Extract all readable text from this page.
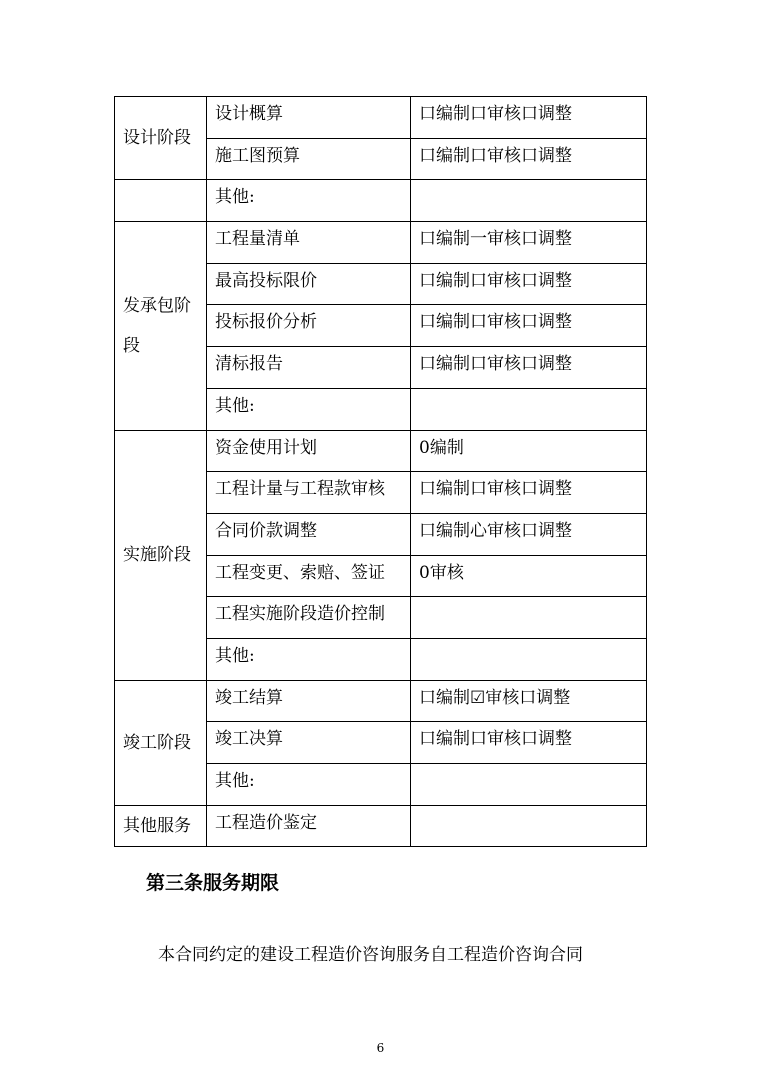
设计阶段	设计概算	口编制口审核口调整
	施工图预算	口编制口审核口调整
	其他:	

发承包阶段	工程量清单	口编制一审核口调整
	最高投标限价	口编制口审核口调整
	投标报价分析	口编制口审核口调整
	清标报告	口编制口审核口调整
	其他:	

实施阶段	资金使用计划	0编制
	工程计量与工程款审核	口编制口审核口调整
	合同价款调整	口编制心审核口调整
	工程变更、索赔、签证	0审核
	工程实施阶段造价控制	
	其他:	

竣工阶段	竣工结算	口编制☑审核口调整
	竣工决算	口编制口审核口调整
	其他:	

其他服务	工程造价鉴定	
第三条服务期限

本合同约定的建设工程造价咨询服务自工程造价咨询合同

6
